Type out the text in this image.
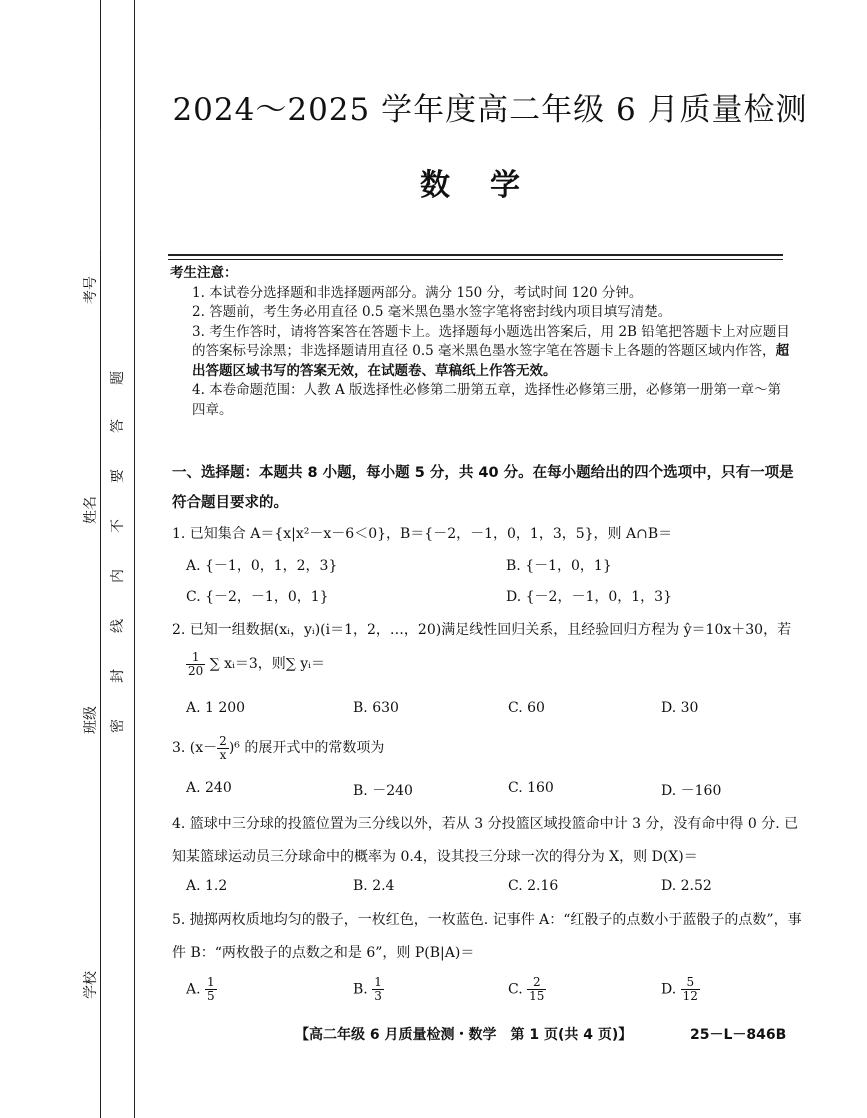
考号
姓名
班级
学校
题
答
要
不
内
线
封
密
2024～2025 学年度高二年级 6 月质量检测
数学
考生注意：
1. 本试卷分选择题和非选择题两部分。满分 150 分，考试时间 120 分钟。
2. 答题前，考生务必用直径 0.5 毫米黑色墨水签字笔将密封线内项目填写清楚。
3. 考生作答时，请将答案答在答题卡上。选择题每小题选出答案后，用 2B 铅笔把答题卡上对应题目的答案标号涂黑；非选择题请用直径 0.5 毫米黑色墨水签字笔在答题卡上各题的答题区域内作答，超出答题区域书写的答案无效，在试题卷、草稿纸上作答无效。
4. 本卷命题范围：人教 A 版选择性必修第二册第五章，选择性必修第三册，必修第一册第一章～第四章。
一、选择题：本题共 8 小题，每小题 5 分，共 40 分。在每小题给出的四个选项中，只有一项是符合题目要求的。
1. 已知集合 A＝{x|x²－x－6＜0}，B＝{－2，－1，0，1，3，5}，则 A∩B＝
A. {－1，0，1，2，3}	B. {－1，0，1}
C. {－2，－1，0，1}	D. {－2，－1，0，1，3}
2. 已知一组数据(xᵢ，yᵢ)(i＝1，2，…，20)满足线性回归关系，且经验回归方程为 ŷ＝10x＋30，若
$\frac{1}{20}$ ∑ xᵢ＝3，则∑ yᵢ＝
A. 1 200	B. 630	C. 60	D. 30
3. $(x- \frac{2}{x} )^6$ 的展开式中的常数项为
A. 240	B. －240	C. 160	D. －160
4. 篮球中三分球的投篮位置为三分线以外，若从 3 分投篮区域投篮命中计 3 分，没有命中得 0 分. 已知某篮球运动员三分球命中的概率为 0.4，设其投三分球一次的得分为 X，则 D(X)＝
A. 1.2	B. 2.4	C. 2.16	D. 2.52
5. 抛掷两枚质地均匀的骰子，一枚红色，一枚蓝色. 记事件 A：“红骰子的点数小于蓝骰子的点数”，事件 B：“两枚骰子的点数之和是 6”，则 P(B|A)＝
A. $\frac{1}{5}$	B. $\frac{1}{3}$	C. $\frac{2}{15}$	D. $\frac{5}{12}$
【高二年级 6 月质量检测・数学　第 1 页(共 4 页)】	25－L－846B
